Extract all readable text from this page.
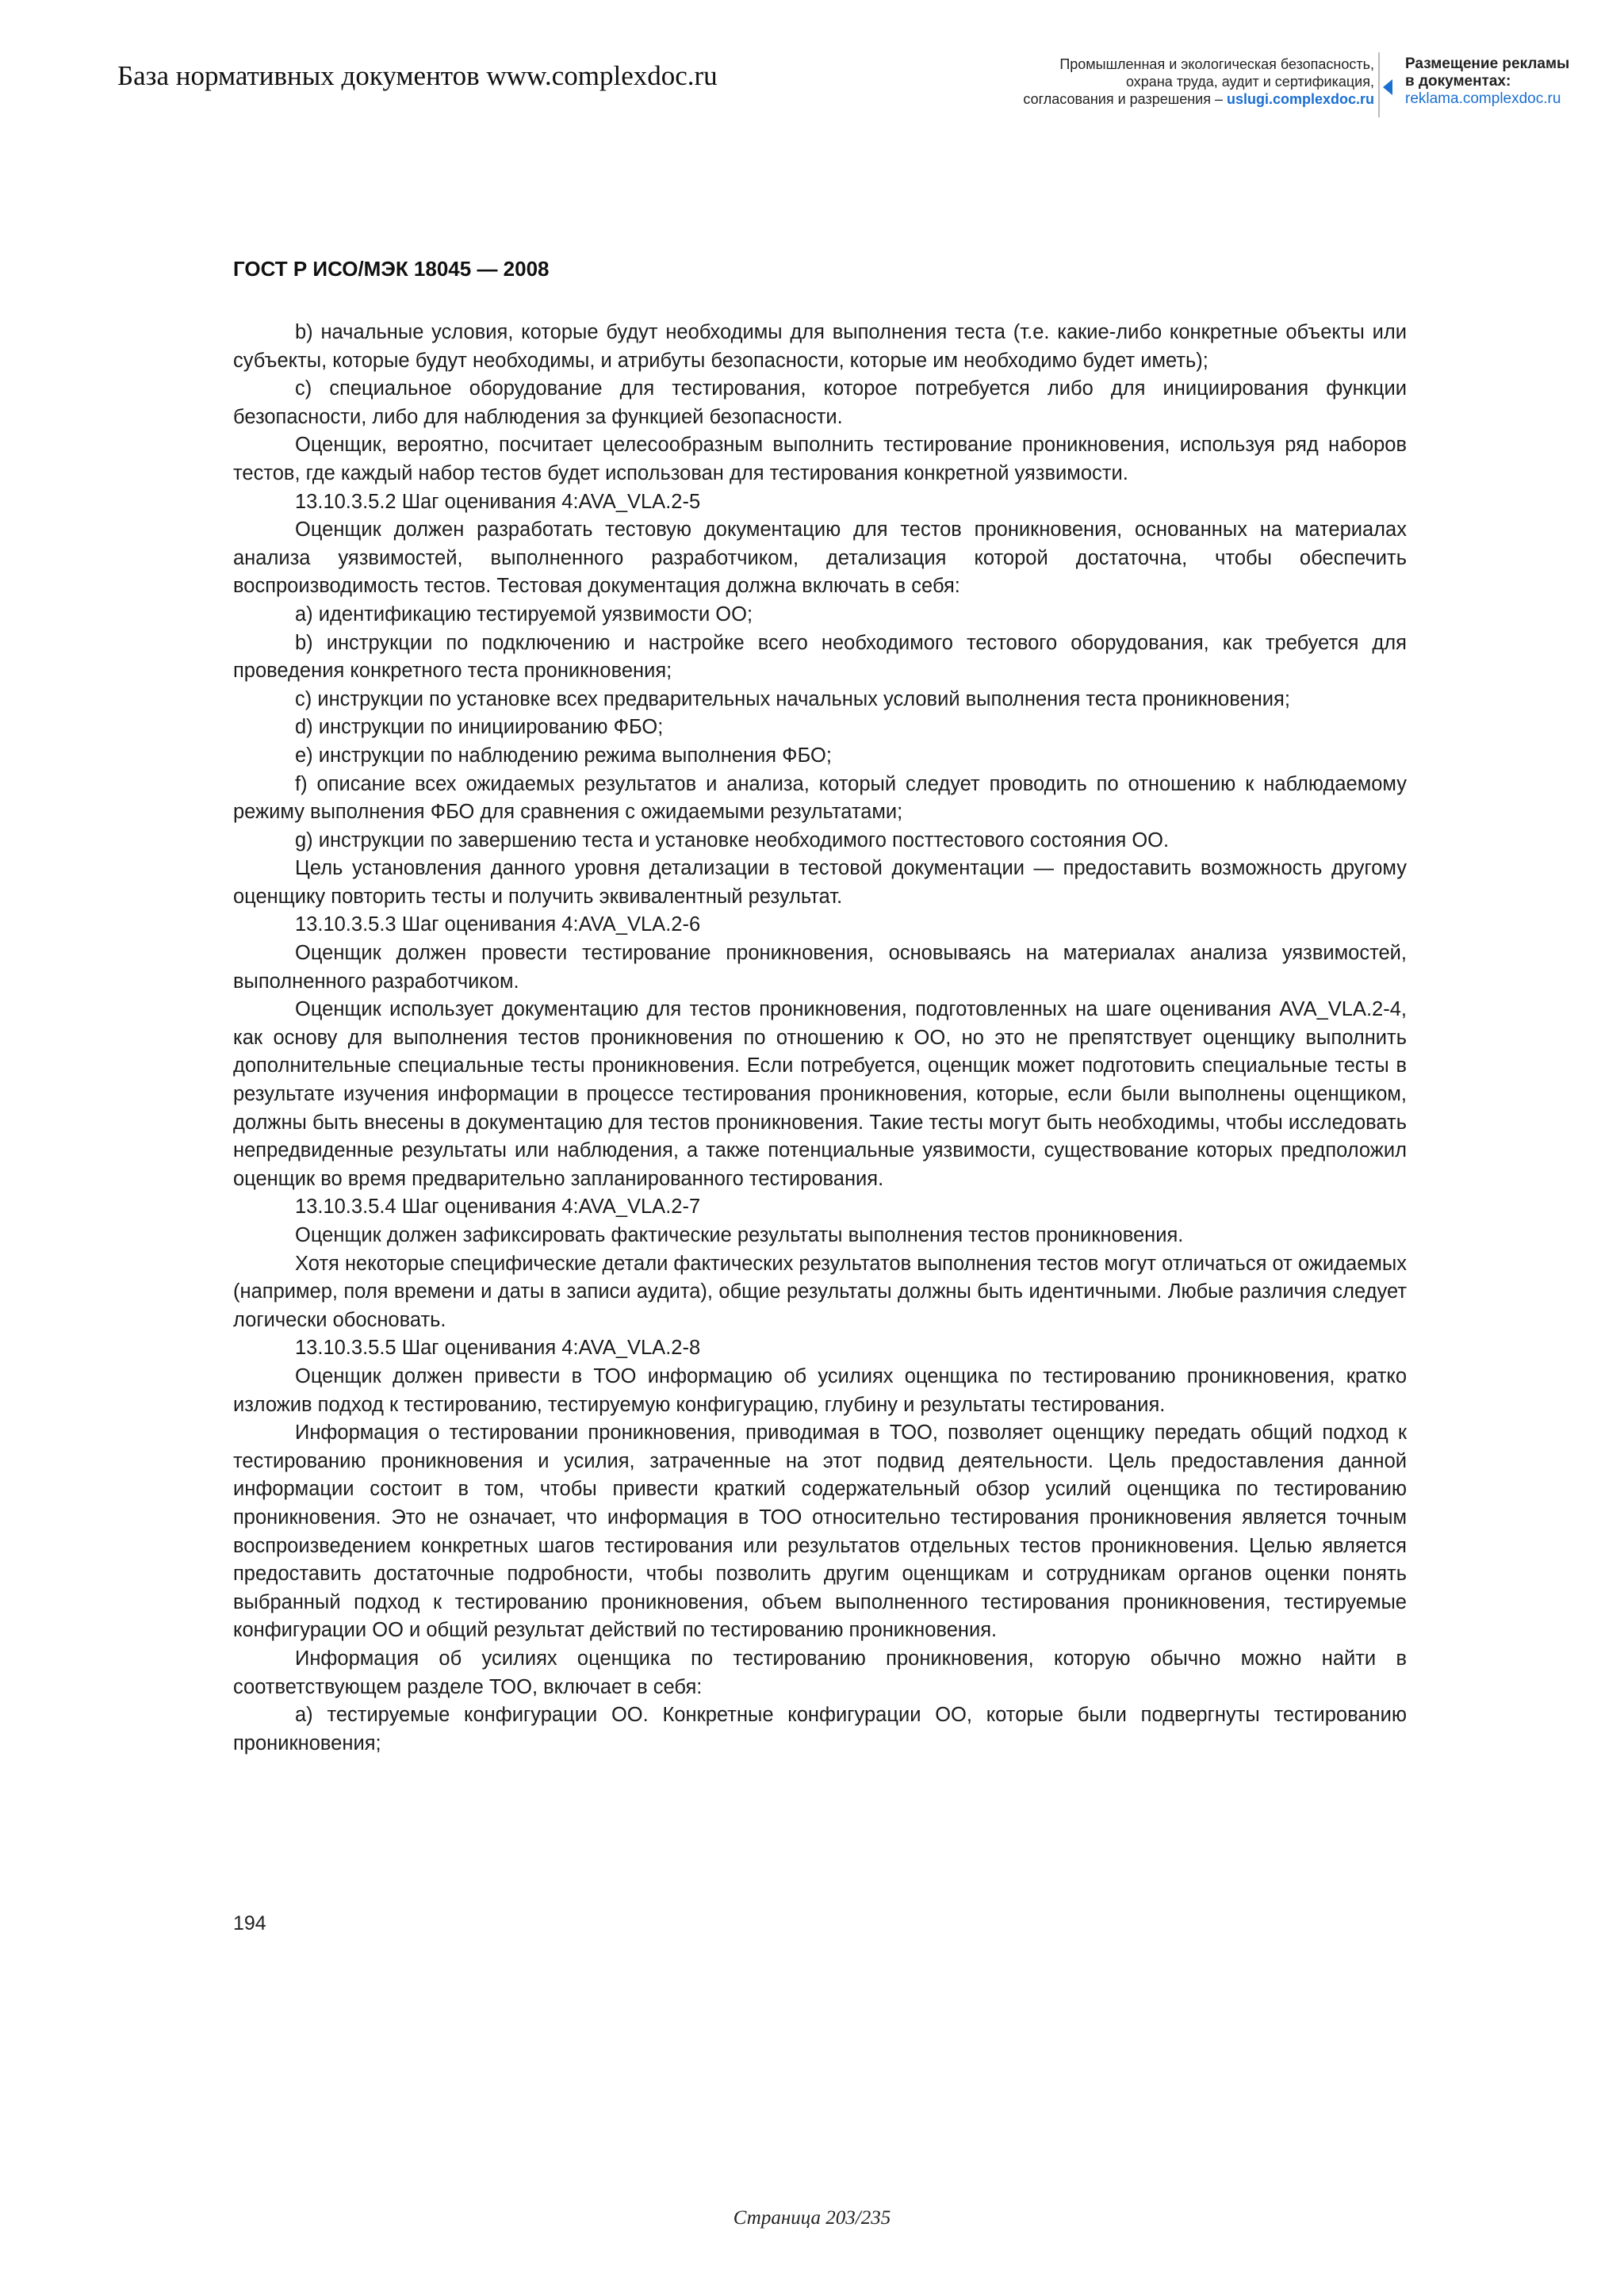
База нормативных документов www.complexdoc.ru	Промышленная и экологическая безопасность,
охрана труда, аудит и сертификация,
согласования и разрешения – uslugi.complexdoc.ru
Размещение рекламы
в документах:
reklama.complexdoc.ru
ГОСТ Р ИСО/МЭК 18045 — 2008

b) начальные условия, которые будут необходимы для выполнения теста (т.е. какие-либо конкретные объекты или субъекты, которые будут необходимы, и атрибуты безопасности, которые им необходимо будет иметь);

c) специальное оборудование для тестирования, которое потребуется либо для инициирования функции безопасности, либо для наблюдения за функцией безопасности.

Оценщик, вероятно, посчитает целесообразным выполнить тестирование проникновения, используя ряд наборов тестов, где каждый набор тестов будет использован для тестирования конкретной уязвимости.

13.10.3.5.2 Шаг оценивания 4:AVA_VLA.2-5

Оценщик должен разработать тестовую документацию для тестов проникновения, основанных на материалах анализа уязвимостей, выполненного разработчиком, детализация которой достаточна, чтобы обеспечить воспроизводимость тестов. Тестовая документация должна включать в себя:

a) идентификацию тестируемой уязвимости ОО;

b) инструкции по подключению и настройке всего необходимого тестового оборудования, как требуется для проведения конкретного теста проникновения;

c) инструкции по установке всех предварительных начальных условий выполнения теста проникновения;

d) инструкции по инициированию ФБО;

e) инструкции по наблюдению режима выполнения ФБО;

f) описание всех ожидаемых результатов и анализа, который следует проводить по отношению к наблюдаемому режиму выполнения ФБО для сравнения с ожидаемыми результатами;

g) инструкции по завершению теста и установке необходимого посттестового состояния ОО.

Цель установления данного уровня детализации в тестовой документации — предоставить возможность другому оценщику повторить тесты и получить эквивалентный результат.

13.10.3.5.3 Шаг оценивания 4:AVA_VLA.2-6

Оценщик должен провести тестирование проникновения, основываясь на материалах анализа уязвимостей, выполненного разработчиком.

Оценщик использует документацию для тестов проникновения, подготовленных на шаге оценивания AVA_VLA.2-4, как основу для выполнения тестов проникновения по отношению к ОО, но это не препятствует оценщику выполнить дополнительные специальные тесты проникновения. Если потребуется, оценщик может подготовить специальные тесты в результате изучения информации в процессе тестирования проникновения, которые, если были выполнены оценщиком, должны быть внесены в документацию для тестов проникновения. Такие тесты могут быть необходимы, чтобы исследовать непредвиденные результаты или наблюдения, а также потенциальные уязвимости, существование которых предположил оценщик во время предварительно запланированного тестирования.

13.10.3.5.4 Шаг оценивания 4:AVA_VLA.2-7

Оценщик должен зафиксировать фактические результаты выполнения тестов проникновения.

Хотя некоторые специфические детали фактических результатов выполнения тестов могут отличаться от ожидаемых (например, поля времени и даты в записи аудита), общие результаты должны быть идентичными. Любые различия следует логически обосновать.

13.10.3.5.5 Шаг оценивания 4:AVA_VLA.2-8

Оценщик должен привести в ТОО информацию об усилиях оценщика по тестированию проникновения, кратко изложив подход к тестированию, тестируемую конфигурацию, глубину и результаты тестирования.

Информация о тестировании проникновения, приводимая в ТОО, позволяет оценщику передать общий подход к тестированию проникновения и усилия, затраченные на этот подвид деятельности. Цель предоставления данной информации состоит в том, чтобы привести краткий содержательный обзор усилий оценщика по тестированию проникновения. Это не означает, что информация в ТОО относительно тестирования проникновения является точным воспроизведением конкретных шагов тестирования или результатов отдельных тестов проникновения. Целью является предоставить достаточные подробности, чтобы позволить другим оценщикам и сотрудникам органов оценки понять выбранный подход к тестированию проникновения, объем выполненного тестирования проникновения, тестируемые конфигурации ОО и общий результат действий по тестированию проникновения.

Информация об усилиях оценщика по тестированию проникновения, которую обычно можно найти в соответствующем разделе ТОО, включает в себя:

a) тестируемые конфигурации ОО. Конкретные конфигурации ОО, которые были подвергнуты тестированию проникновения;

194
Страница 203/235
